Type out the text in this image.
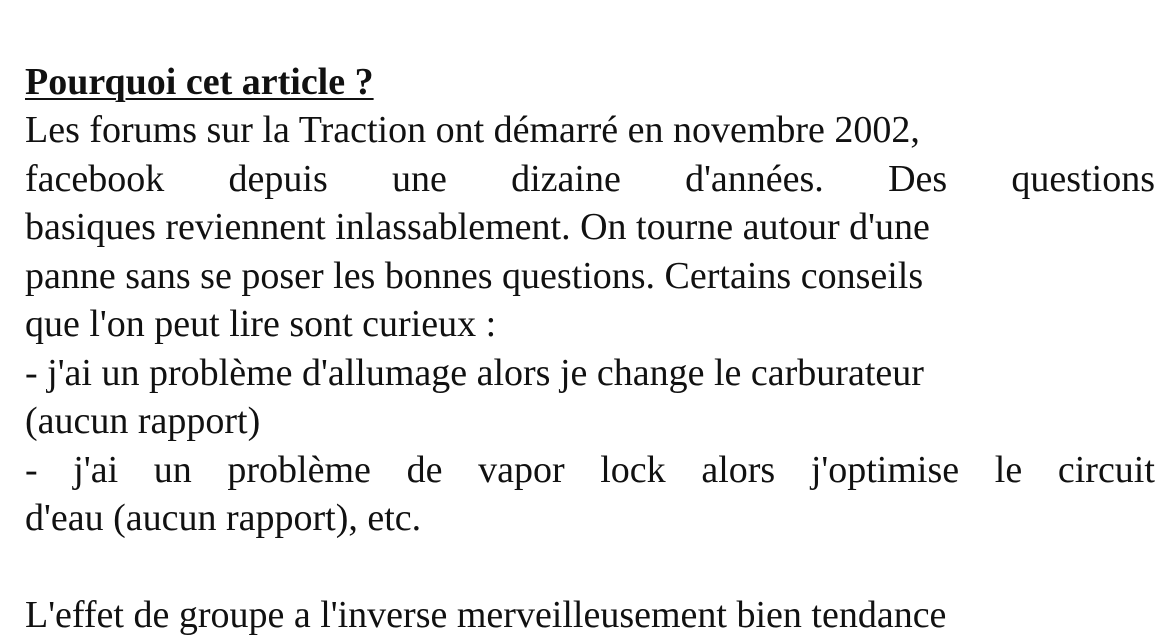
Pourquoi cet article ?
Les forums sur la Traction ont démarré en novembre 2002,
facebook depuis une dizaine d'années. Des questions
basiques reviennent inlassablement. On tourne autour d'une
panne sans se poser les bonnes questions. Certains conseils
que l'on peut lire sont curieux :
- j'ai un problème d'allumage alors je change le carburateur
(aucun rapport)
- j'ai un problème de vapor lock alors j'optimise le circuit
d'eau (aucun rapport), etc.
L'effet de groupe a l'inverse merveilleusement bien tendance
